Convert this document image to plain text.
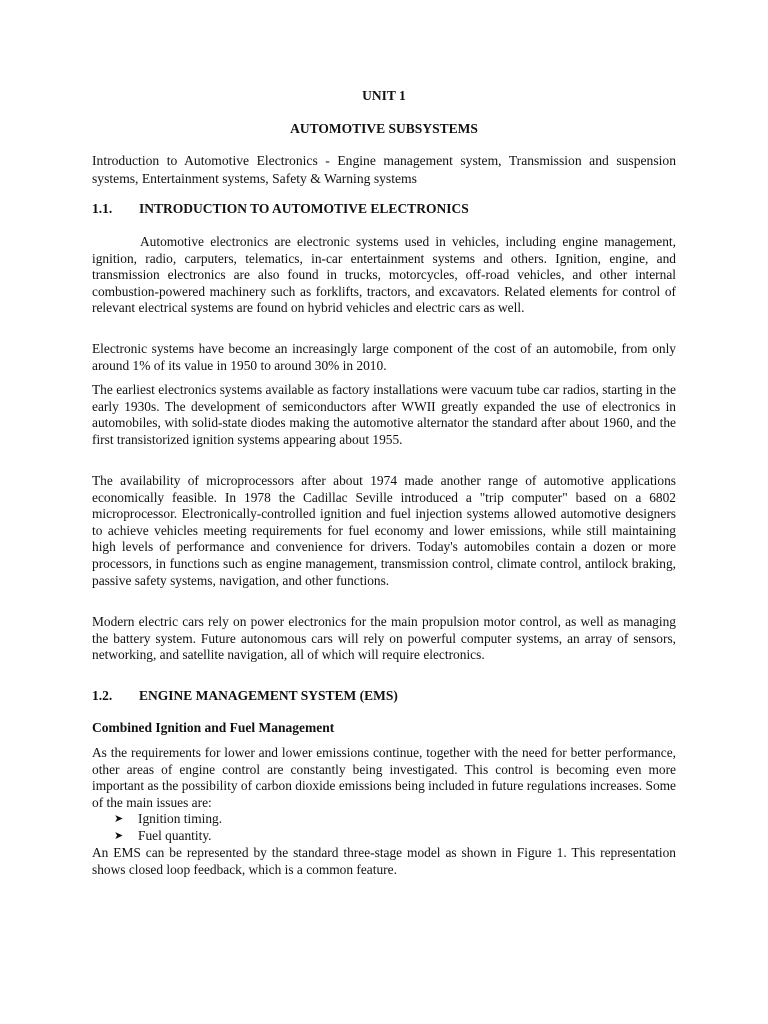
UNIT 1
AUTOMOTIVE SUBSYSTEMS

Introduction to Automotive Electronics - Engine management system, Transmission and suspension systems, Entertainment systems, Safety & Warning systems

1.1. INTRODUCTION TO AUTOMOTIVE ELECTRONICS

Automotive electronics are electronic systems used in vehicles, including engine management, ignition, radio, carputers, telematics, in-car entertainment systems and others. Ignition, engine, and transmission electronics are also found in trucks, motorcycles, off-road vehicles, and other internal combustion-powered machinery such as forklifts, tractors, and excavators. Related elements for control of relevant electrical systems are found on hybrid vehicles and electric cars as well.

Electronic systems have become an increasingly large component of the cost of an automobile, from only around 1% of its value in 1950 to around 30% in 2010.

The earliest electronics systems available as factory installations were vacuum tube car radios, starting in the early 1930s. The development of semiconductors after WWII greatly expanded the use of electronics in automobiles, with solid-state diodes making the automotive alternator the standard after about 1960, and the first transistorized ignition systems appearing about 1955.

The availability of microprocessors after about 1974 made another range of automotive applications economically feasible. In 1978 the Cadillac Seville introduced a "trip computer" based on a 6802 microprocessor. Electronically-controlled ignition and fuel injection systems allowed automotive designers to achieve vehicles meeting requirements for fuel economy and lower emissions, while still maintaining high levels of performance and convenience for drivers. Today's automobiles contain a dozen or more processors, in functions such as engine management, transmission control, climate control, antilock braking, passive safety systems, navigation, and other functions.

Modern electric cars rely on power electronics for the main propulsion motor control, as well as managing the battery system. Future autonomous cars will rely on powerful computer systems, an array of sensors, networking, and satellite navigation, all of which will require electronics.

1.2. ENGINE MANAGEMENT SYSTEM (EMS)
Combined Ignition and Fuel Management

As the requirements for lower and lower emissions continue, together with the need for better performance, other areas of engine control are constantly being investigated. This control is becoming even more important as the possibility of carbon dioxide emissions being included in future regulations increases. Some of the main issues are:

➤	Ignition timing.
➤	Fuel quantity.

An EMS can be represented by the standard three-stage model as shown in Figure 1. This representation shows closed loop feedback, which is a common feature.
